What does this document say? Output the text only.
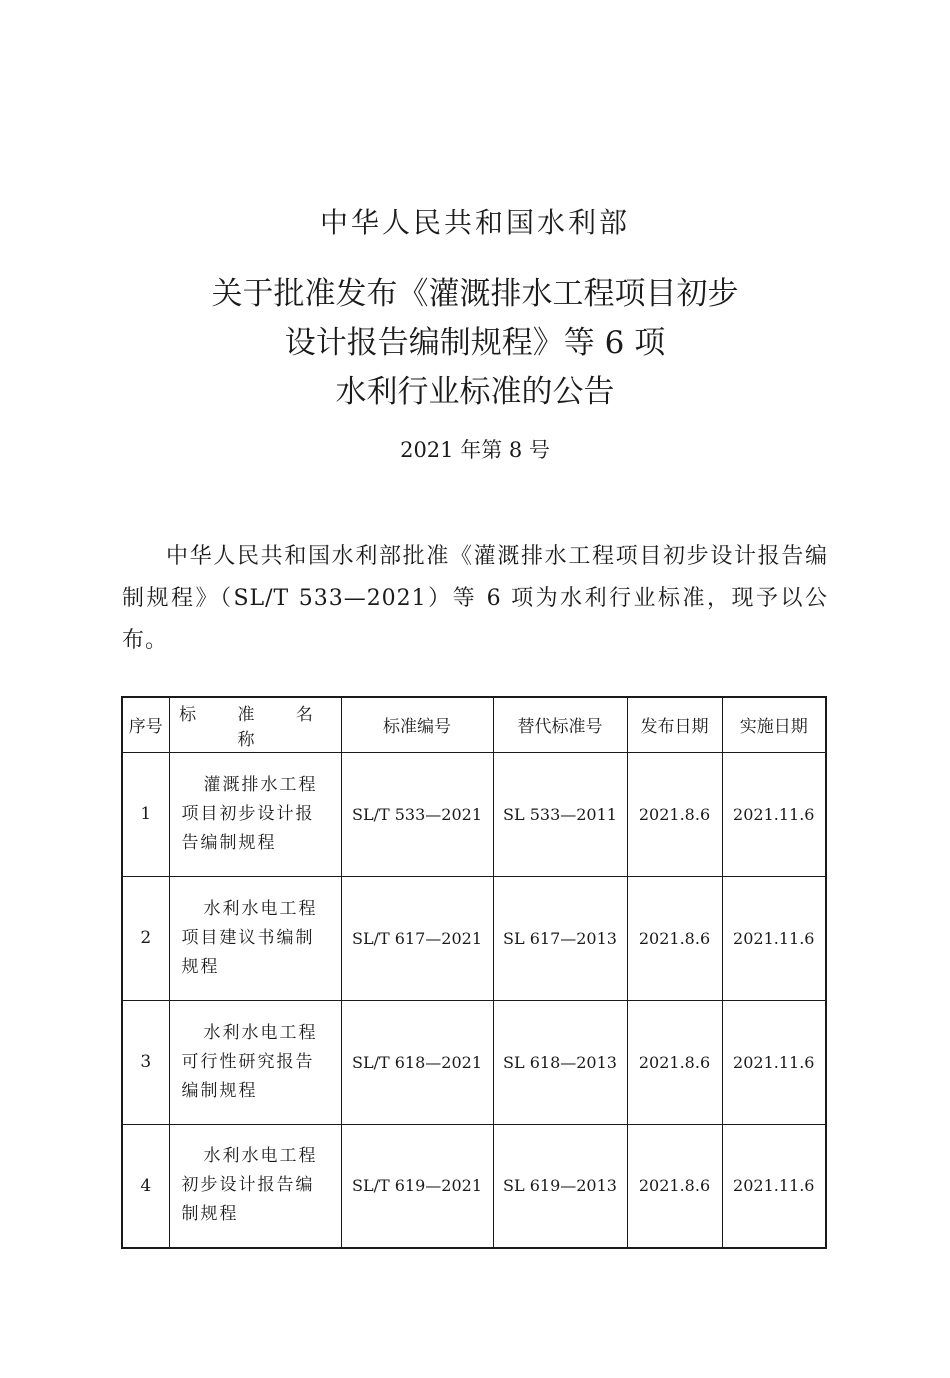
中华人民共和国水利部
关于批准发布《灌溉排水工程项目初步
设计报告编制规程》等 6 项
水利行业标准的公告
2021 年第 8 号
中华人民共和国水利部批准《灌溉排水工程项目初步设计报告编制规程》（SL/T 533—2021）等 6 项为水利行业标准，现予以公布。
序号	标 准 名 称	标准编号	替代标准号	发布日期	实施日期
1	灌溉排水工程项目初步设计报告编制规程	SL/T 533—2021	SL 533—2011	2021.8.6	2021.11.6
2	水利水电工程项目建议书编制规程	SL/T 617—2021	SL 617—2013	2021.8.6	2021.11.6
3	水利水电工程可行性研究报告编制规程	SL/T 618—2021	SL 618—2013	2021.8.6	2021.11.6
4	水利水电工程初步设计报告编制规程	SL/T 619—2021	SL 619—2013	2021.8.6	2021.11.6
